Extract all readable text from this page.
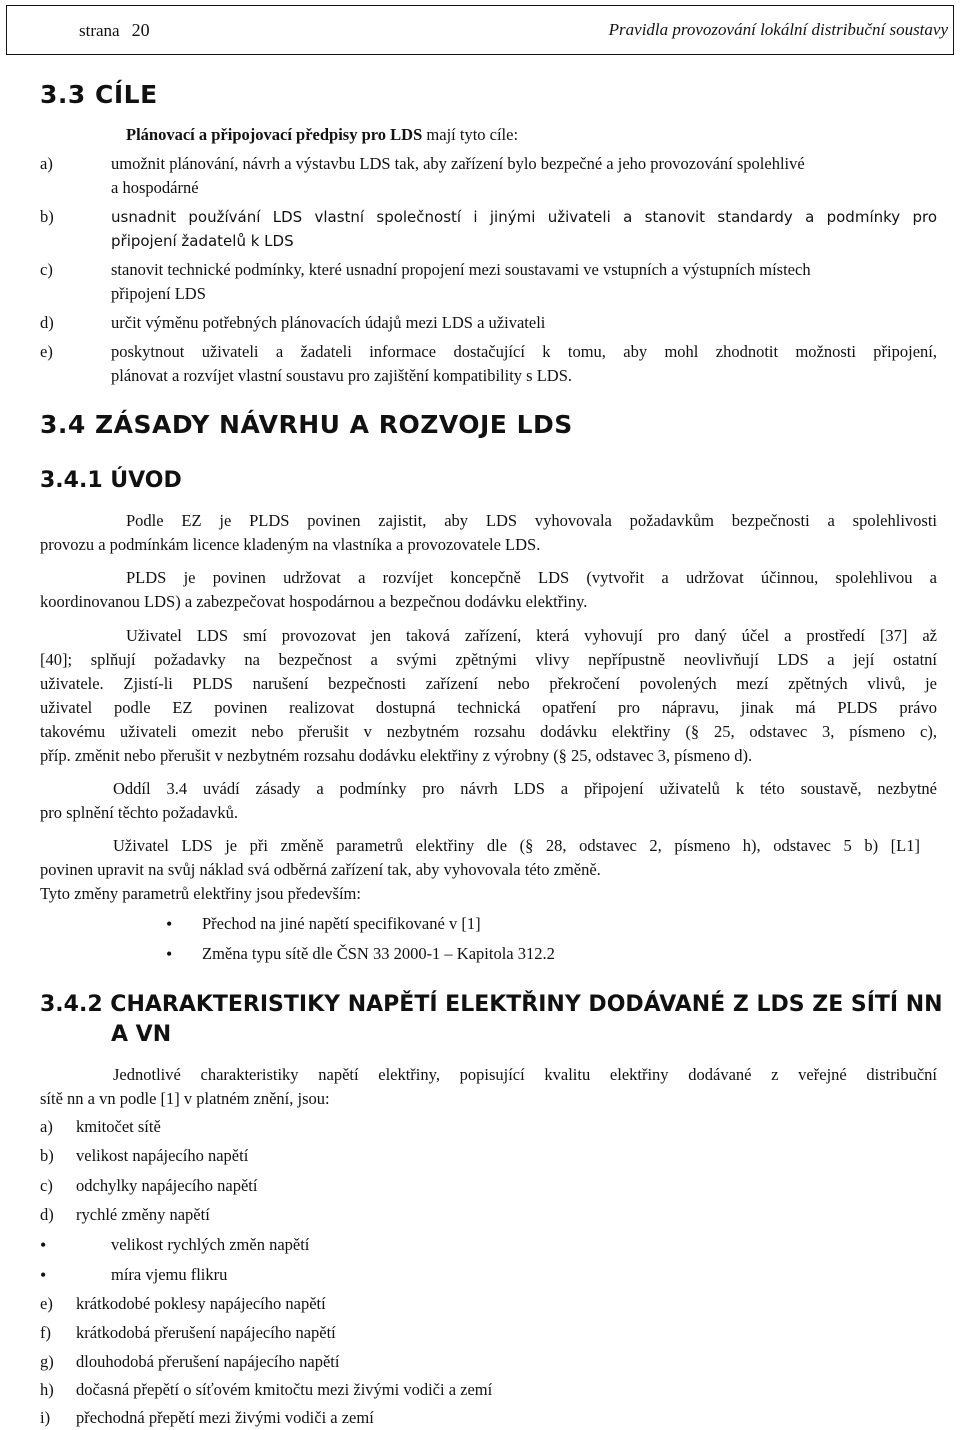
strana 20	Pravidla provozování lokální distribuční soustavy
3.3 CÍLE
Plánovací a připojovací předpisy pro LDS mají tyto cíle:
a)	umožnit plánování, návrh a výstavbu LDS tak, aby zařízení bylo bezpečné a jeho provozování spolehlivé
a hospodárné
b)	usnadnit používání LDS vlastní společností i jinými uživateli a stanovit standardy a podmínky pro
připojení žadatelů k LDS
c)	stanovit technické podmínky, které usnadní propojení mezi soustavami ve vstupních a výstupních místech
připojení LDS
d)	určit výměnu potřebných plánovacích údajů mezi LDS a uživateli
e)	poskytnout uživateli a žadateli informace dostačující k tomu, aby mohl zhodnotit možnosti připojení,
plánovat a rozvíjet vlastní soustavu pro zajištění kompatibility s LDS.
3.4 ZÁSADY NÁVRHU A ROZVOJE LDS
3.4.1 ÚVOD
Podle EZ je PLDS povinen zajistit, aby LDS vyhovovala požadavkům bezpečnosti a spolehlivosti
provozu a podmínkám licence kladeným na vlastníka a provozovatele LDS.
PLDS je povinen udržovat a rozvíjet koncepčně LDS (vytvořit a udržovat účinnou, spolehlivou a
koordinovanou LDS) a zabezpečovat hospodárnou a bezpečnou dodávku elektřiny.
Uživatel LDS smí provozovat jen taková zařízení, která vyhovují pro daný účel a prostředí [37] až
[40]; splňují požadavky na bezpečnost a svými zpětnými vlivy nepřípustně neovlivňují LDS a její ostatní
uživatele. Zjistí-li PLDS narušení bezpečnosti zařízení nebo překročení povolených mezí zpětných vlivů, je
uživatel podle EZ povinen realizovat dostupná technická opatření pro nápravu, jinak má PLDS právo
takovému uživateli omezit nebo přerušit v nezbytném rozsahu dodávku elektřiny (§ 25, odstavec 3, písmeno c),
příp. změnit nebo přerušit v nezbytném rozsahu dodávku elektřiny z výrobny (§ 25, odstavec 3, písmeno d).
Oddíl 3.4 uvádí zásady a podmínky pro návrh LDS a připojení uživatelů k této soustavě, nezbytné
pro splnění těchto požadavků.
Uživatel LDS je při změně parametrů elektřiny dle (§ 28, odstavec 2, písmeno h), odstavec 5 b) [L1]
povinen upravit na svůj náklad svá odběrná zařízení tak, aby vyhovovala této změně.
Tyto změny parametrů elektřiny jsou především:
• Přechod na jiné napětí specifikované v [1]
• Změna typu sítě dle ČSN 33 2000-1 – Kapitola 312.2
3.4.2 CHARAKTERISTIKY NAPĚTÍ ELEKTŘINY DODÁVANÉ Z LDS ZE SÍTÍ NN
A VN
Jednotlivé charakteristiky napětí elektřiny, popisující kvalitu elektřiny dodávané z veřejné distribuční
sítě nn a vn podle [1] v platném znění, jsou:
a) kmitočet sítě
b) velikost napájecího napětí
c) odchylky napájecího napětí
d) rychlé změny napětí
•	velikost rychlých změn napětí
•	míra vjemu flikru
e) krátkodobé poklesy napájecího napětí
f) krátkodobá přerušení napájecího napětí
g) dlouhodobá přerušení napájecího napětí
h) dočasná přepětí o síťovém kmitočtu mezi živými vodiči a zemí
i) přechodná přepětí mezi živými vodiči a zemí
